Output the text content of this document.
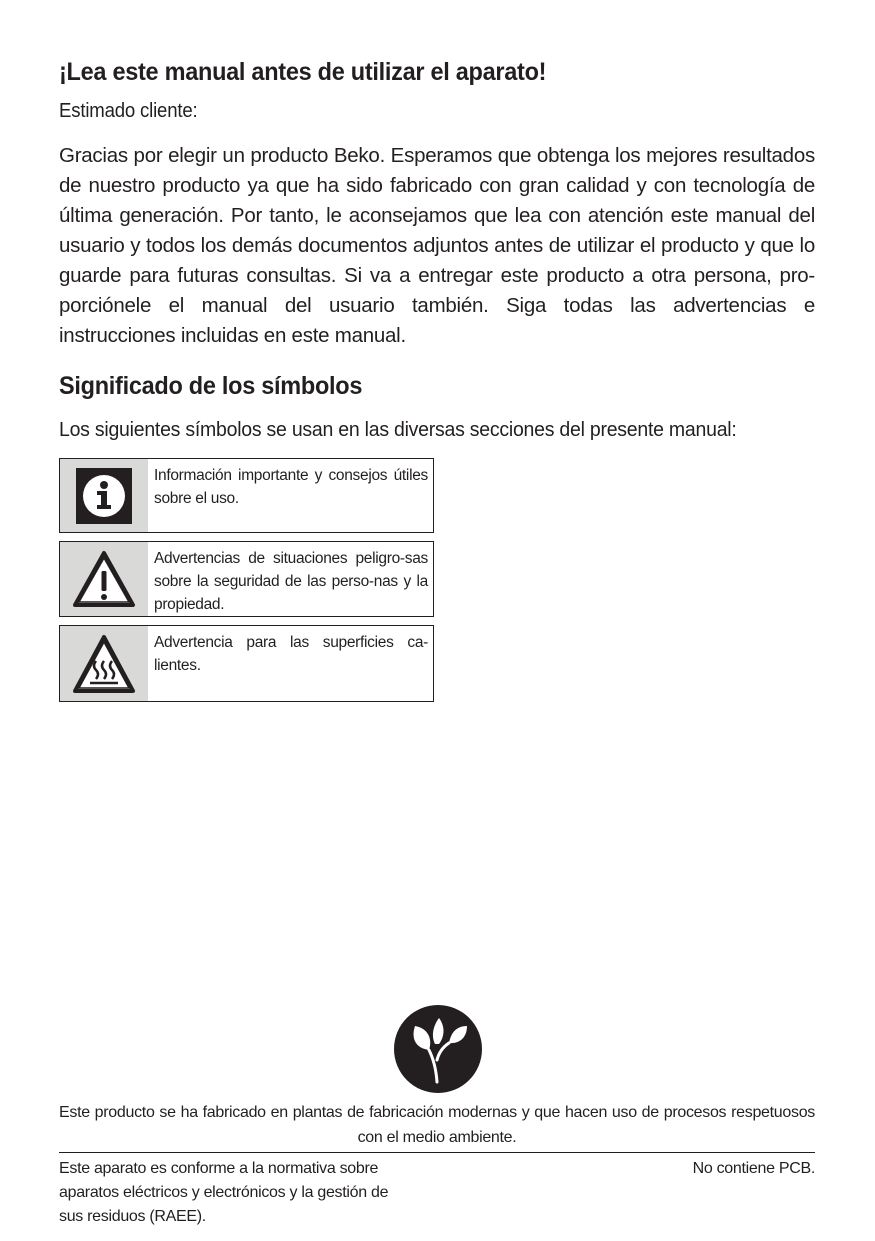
¡Lea este manual antes de utilizar el aparato!
Estimado cliente:

Gracias por elegir un producto Beko. Esperamos que obtenga los mejores resultados de nuestro producto ya que ha sido fabricado con gran calidad y con tecnología de última generación. Por tanto, le aconsejamos que lea con atención este manual del usuario y todos los demás documentos adjuntos antes de utilizar el producto y que lo guarde para futuras consultas. Si va a entregar este producto a otra persona, pro-porciónele el manual del usuario también. Siga todas las advertencias e instrucciones incluidas en este manual.

Significado de los símbolos
Los siguientes símbolos se usan en las diversas secciones del presente manual:

Información importante y consejos útiles sobre el uso.

Advertencias de situaciones peligro-sas sobre la seguridad de las perso-nas y la propiedad.

Advertencia para las superficies ca-lientes.

Este producto se ha fabricado en plantas de fabricación modernas y que hacen uso de procesos respetuosos con el medio ambiente.

Este aparato es conforme a la normativa sobre aparatos eléctricos y electrónicos y la gestión de sus residuos (RAEE).

No contiene PCB.
